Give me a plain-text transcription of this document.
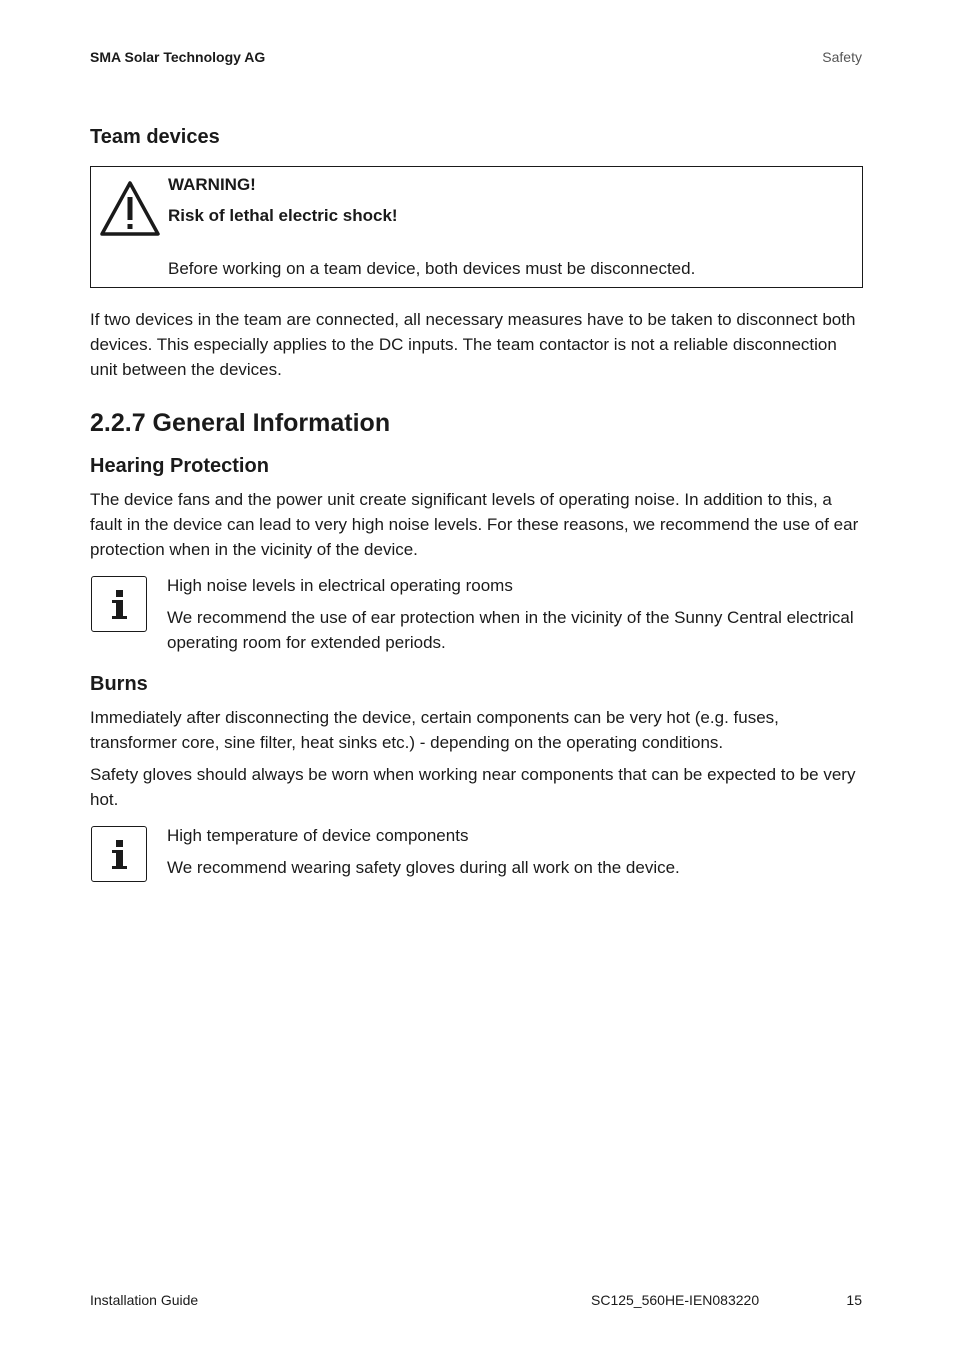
SMA Solar Technology AG	Safety
Team devices
WARNING!
Risk of lethal electric shock!
Before working on a team device, both devices must be disconnected.

If two devices in the team are connected, all necessary measures have to be taken to disconnect both devices. This especially applies to the DC inputs. The team contactor is not a reliable disconnection unit between the devices.

2.2.7 General Information
Hearing Protection

The device fans and the power unit create significant levels of operating noise. In addition to this, a fault in the device can lead to very high noise levels. For these reasons, we recommend the use of ear protection when in the vicinity of the device.

High noise levels in electrical operating rooms

We recommend the use of ear protection when in the vicinity of the Sunny Central electrical operating room for extended periods.

Burns

Immediately after disconnecting the device, certain components can be very hot (e.g. fuses, transformer core, sine filter, heat sinks etc.) - depending on the operating conditions.

Safety gloves should always be worn when working near components that can be expected to be very hot.

High temperature of device components

We recommend wearing safety gloves during all work on the device.

Installation Guide	SC125_560HE-IEN083220	15
